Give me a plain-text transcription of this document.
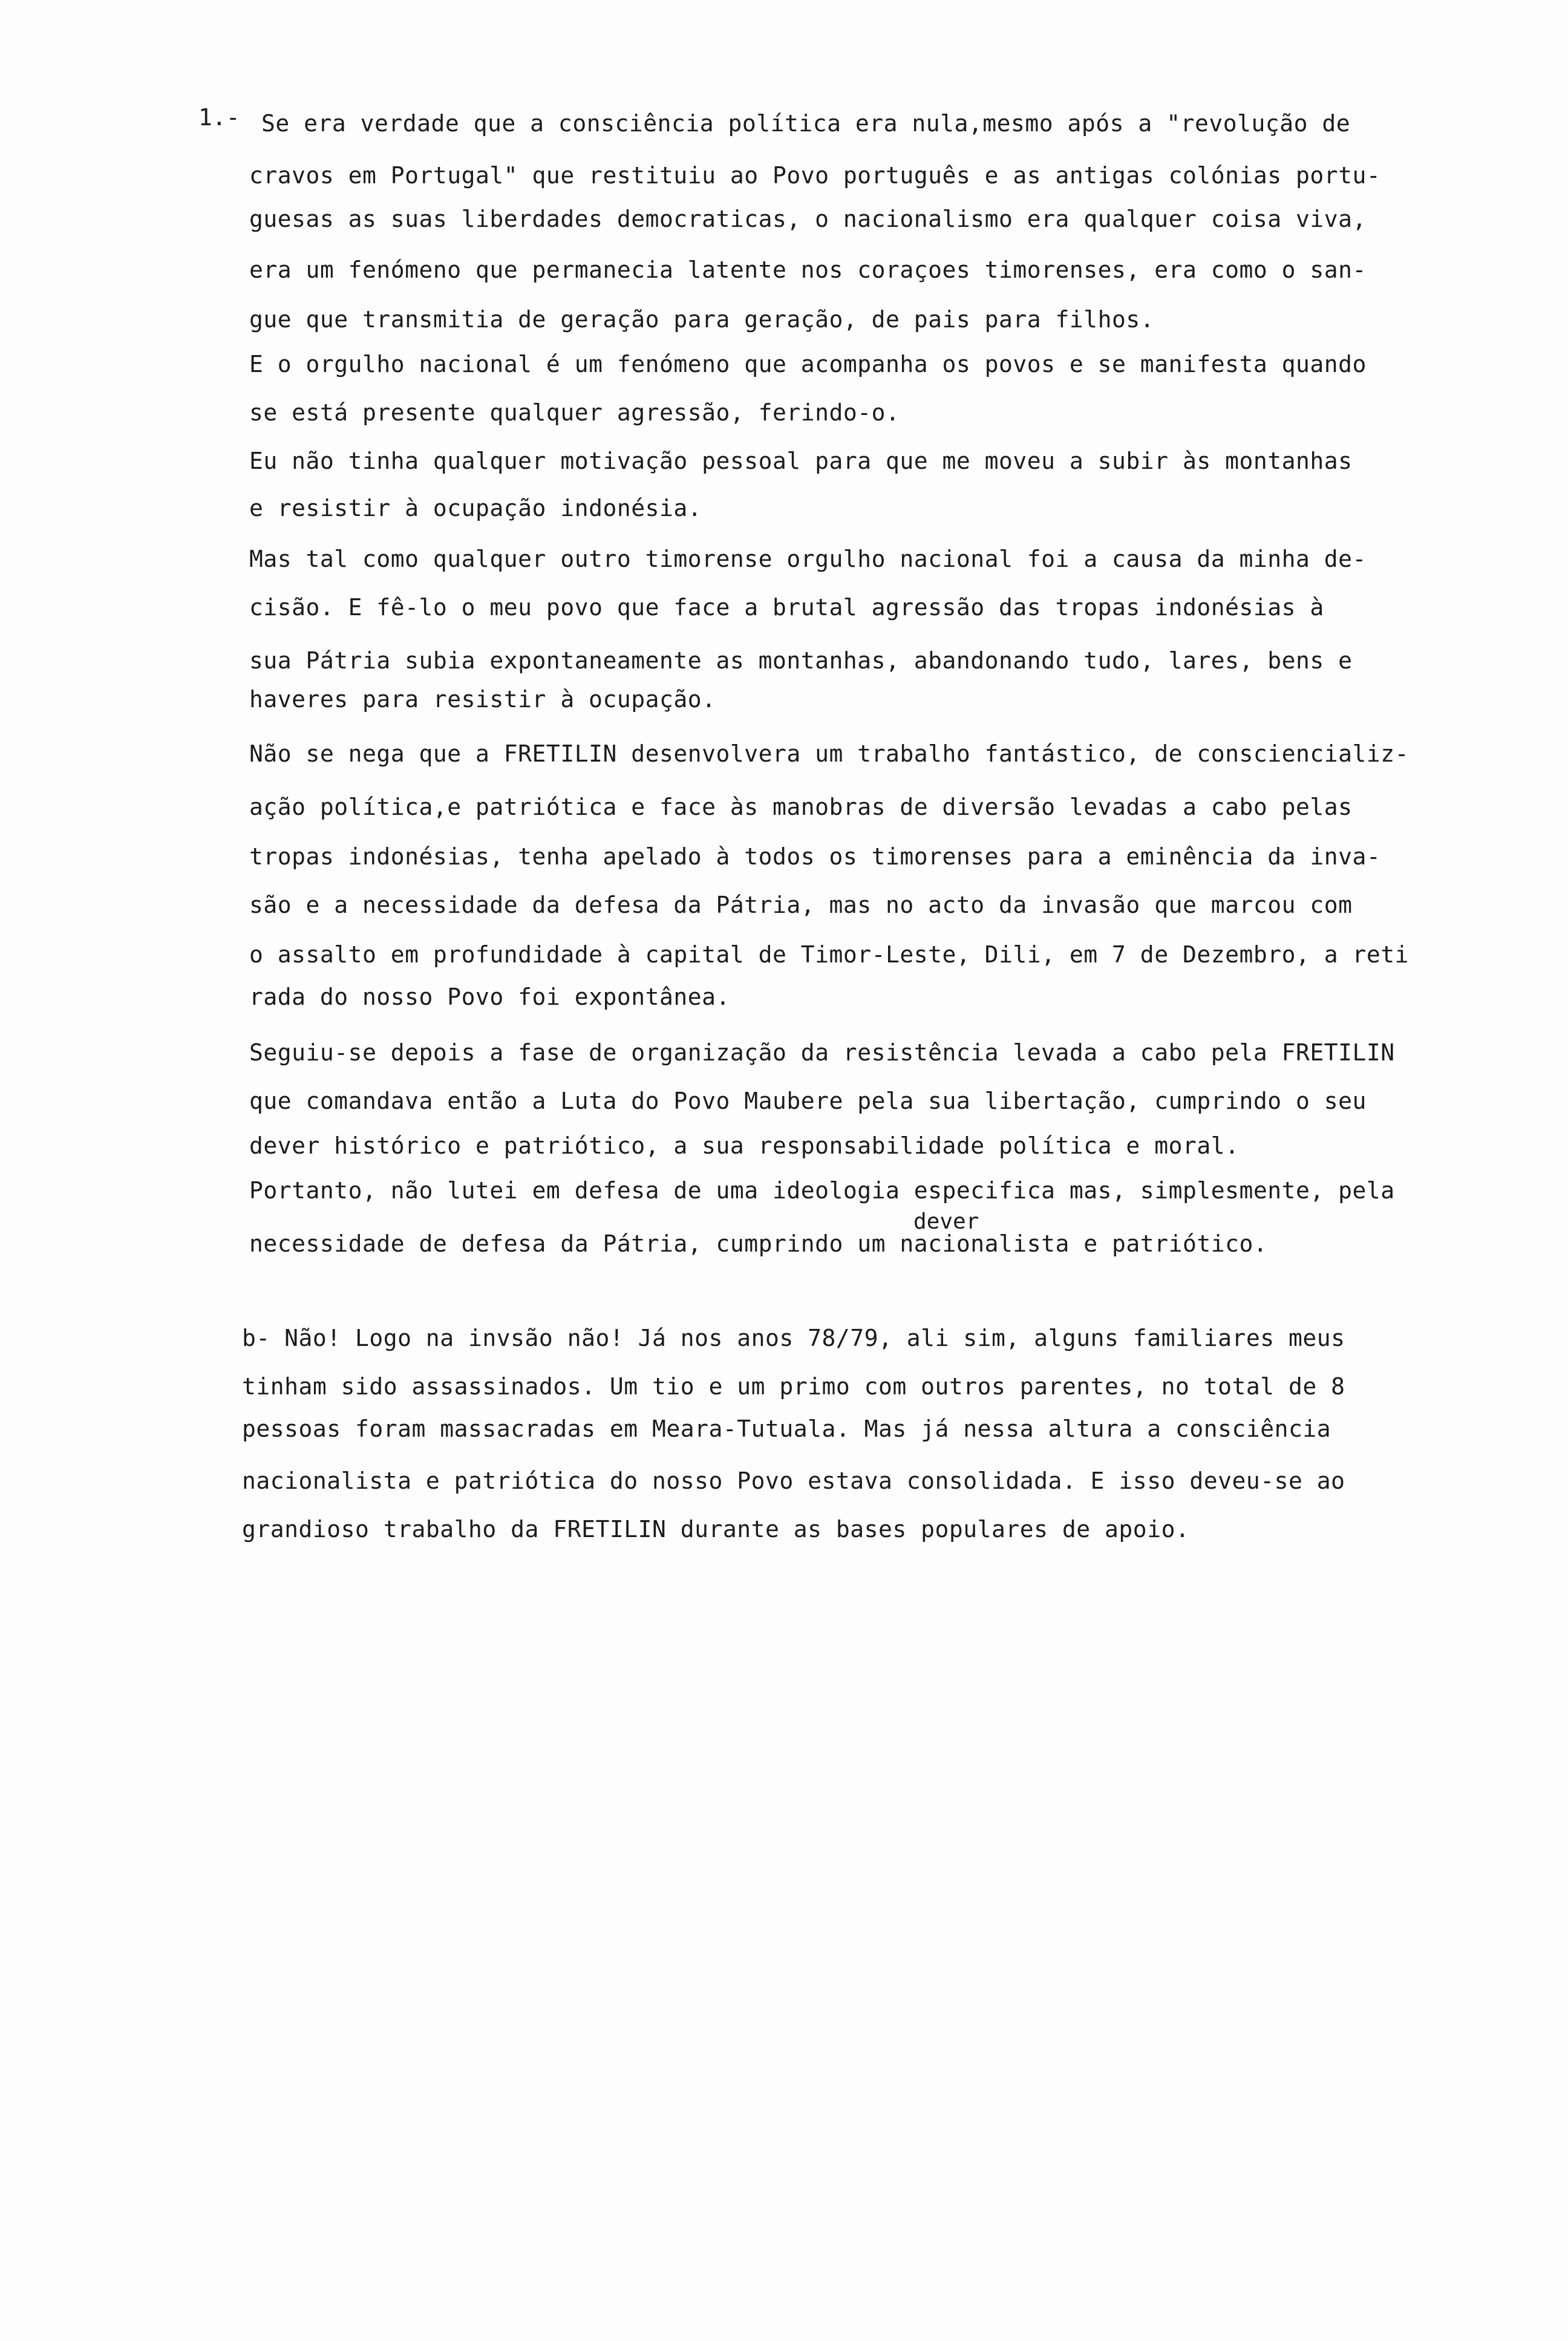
1.- Se era verdade que a consciência política era nula,mesmo após a "revolução de
cravos em Portugal" que restituiu ao Povo português e as antigas colónias portu-
guesas as suas liberdades democraticas, o nacionalismo era qualquer coisa viva,
era um fenómeno que permanecia latente nos coraçoes timorenses, era como o san-
gue que transmitia de geração para geração, de pais para filhos.
E o orgulho nacional é um fenómeno que acompanha os povos e se manifesta quando
se está presente qualquer agressão, ferindo-o.
Eu não tinha qualquer motivação pessoal para que me moveu a subir às montanhas
e resistir à ocupação indonésia.
Mas tal como qualquer outro timorense orgulho nacional foi a causa da minha de-
cisão. E fê-lo o meu povo que face a brutal agressão das tropas indonésias à
sua Pátria subia expontaneamente as montanhas, abandonando tudo, lares, bens e
haveres para resistir à ocupação.
Não se nega que a FRETILIN desenvolvera um trabalho fantástico, de consciencializ-
ação política,e patriótica e face às manobras de diversão levadas a cabo pelas
tropas indonésias, tenha apelado à todos os timorenses para a eminência da inva-
são e a necessidade da defesa da Pátria, mas no acto da invasão que marcou com
o assalto em profundidade à capital de Timor-Leste, Dili, em 7 de Dezembro, a reti
rada do nosso Povo foi expontânea.
Seguiu-se depois a fase de organização da resistência levada a cabo pela FRETILIN
que comandava então a Luta do Povo Maubere pela sua libertação, cumprindo o seu
dever histórico e patriótico, a sua responsabilidade política e moral.
Portanto, não lutei em defesa de uma ideologia especifica mas, simplesmente, pela
dever
necessidade de defesa da Pátria, cumprindo um nacionalista e patriótico.
b- Não! Logo na invsão não! Já nos anos 78/79, ali sim, alguns familiares meus
tinham sido assassinados. Um tio e um primo com outros parentes, no total de 8
pessoas foram massacradas em Meara-Tutuala. Mas já nessa altura a consciência
nacionalista e patriótica do nosso Povo estava consolidada. E isso deveu-se ao
grandioso trabalho da FRETILIN durante as bases populares de apoio.
